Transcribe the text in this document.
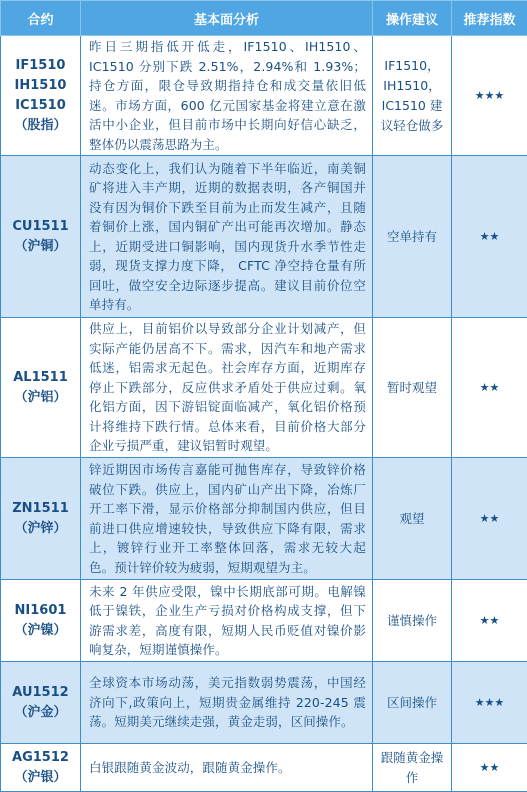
合约	基本面分析	操作建议	推荐指数

IF1510
IH1510
IC1510
（股指）	昨日三期指低开低走，IF1510、IH1510、IC1510 分别下跌 2.51%，2.94%和 1.93%；持仓方面，限仓导致期指持仓和成交量依旧低迷。市场方面，600 亿元国家基金将建立意在激活中小企业，但目前市场中长期向好信心缺乏，整体仍以震荡思路为主。	IF1510，IH1510，IC1510 建议轻仓做多	★★★

CU1511
（沪铜）	动态变化上，我们认为随着下半年临近，南美铜矿将进入丰产期，近期的数据表明，各产铜国并没有因为铜价下跌至目前为止而发生减产，且随着铜价上涨，国内铜矿产出可能再次增加。静态上，近期受进口铜影响，国内现货升水季节性走弱，现货支撑力度下降， CFTC 净空持仓量有所回吐，做空安全边际逐步提高。建议目前价位空单持有。	空单持有	★★

AL1511
（沪铝）	供应上，目前铝价以导致部分企业计划减产，但实际产能仍居高不下。需求，因汽车和地产需求低迷，铝需求无起色。社会库存方面，近期库存停止下跌部分，反应供求矛盾处于供应过剩。氧化铝方面，因下游铝锭面临减产，氧化铝价格预计将维持下跌行情。总体来看，目前价格大部分企业亏损严重，建议铝暂时观望。	暂时观望	★★

ZN1511
（沪锌）	锌近期因市场传言嘉能可抛售库存，导致锌价格破位下跌。供应上，国内矿山产出下降，冶炼厂开工率下滑，显示价格部分抑制国内供应，但目前进口供应增速较快，导致供应下降有限，需求上，镀锌行业开工率整体回落，需求无较大起色。预计锌价较为疲弱，短期观望为主。	观望	★★

NI1601
（沪镍）	未来 2 年供应受限，镍中长期底部可期。电解镍低于镍铁，企业生产亏损对价格构成支撑，但下游需求差，高度有限，短期人民币贬值对镍价影响复杂，短期谨慎操作。	谨慎操作	★★

AU1512
（沪金）	全球资本市场动荡，美元指数弱势震荡，中国经济向下,政策向上，短期贵金属维持 220-245 震荡。短期美元继续走强，黄金走弱，区间操作。	区间操作	★★★

AG1512
（沪银）	白银跟随黄金波动，跟随黄金操作。	跟随黄金操作	★★
